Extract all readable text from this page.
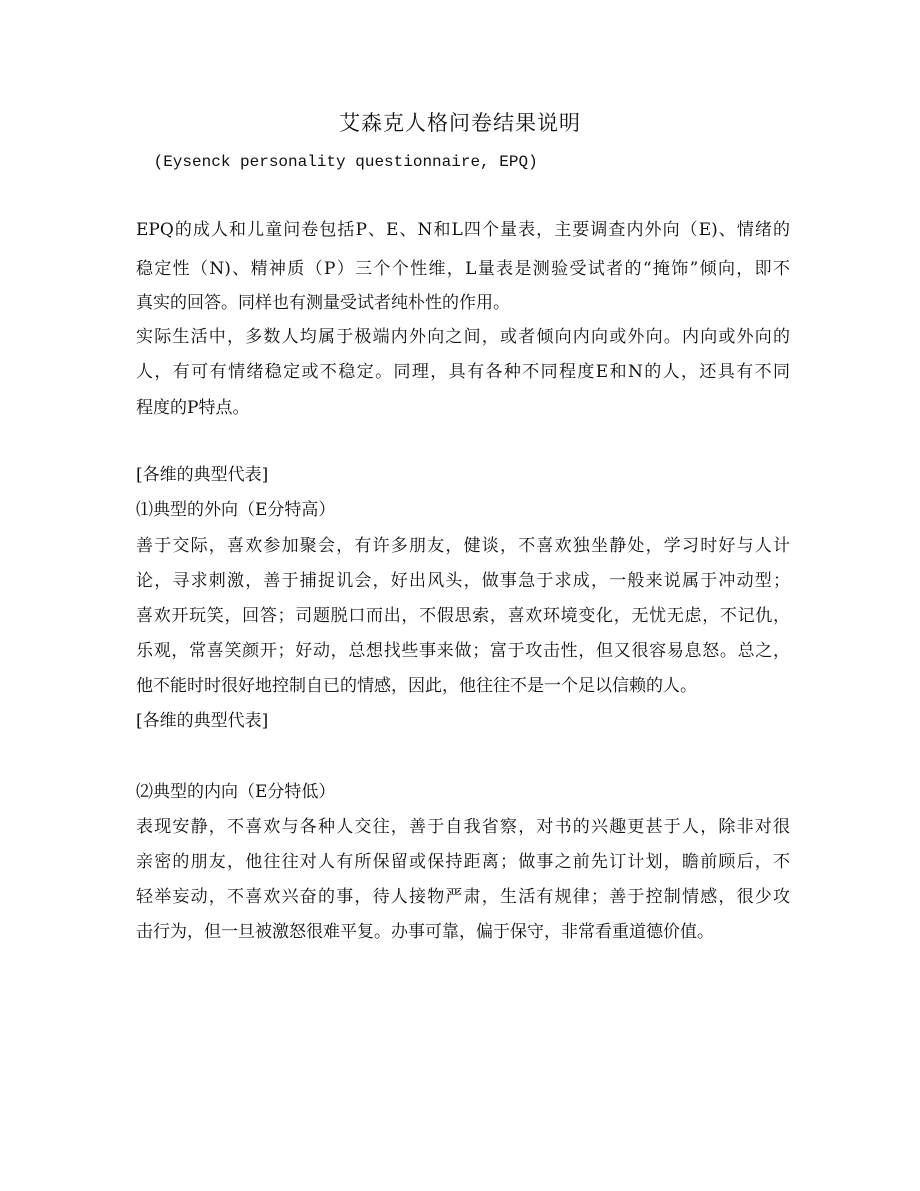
艾森克人格问卷结果说明
(Eysenck personality questionnaire, EPQ)
EPQ的成人和儿童问卷包括P、E、N和L四个量表，主要调查内外向（E)、情绪的
稳定性（N)、精神质（P）三个个性维，L量表是测验受试者的“掩饰”倾向，即不
真实的回答。同样也有测量受试者纯朴性的作用。
实际生活中，多数人均属于极端内外向之间，或者倾向内向或外向。内向或外向的
人，有可有情绪稳定或不稳定。同理，具有各种不同程度E和N的人，还具有不同
程度的P特点。
[各维的典型代表]
⑴典型的外向（E分特高）
善于交际，喜欢参加聚会，有许多朋友，健谈，不喜欢独坐静处，学习时好与人计
论，寻求刺激，善于捕捉讥会，好出风头，做事急于求成，一般来说属于冲动型；
喜欢开玩笑，回答；司题脱口而出，不假思索，喜欢环境变化，无忧无虑，不记仇，
乐观，常喜笑颜开；好动，总想找些事来做；富于攻击性，但又很容易息怒。总之，
他不能时时很好地控制自已的情感，因此，他往往不是一个足以信赖的人。
[各维的典型代表]
⑵典型的内向（E分特低）
表现安静，不喜欢与各种人交往，善于自我省察，对书的兴趣更甚于人，除非对很
亲密的朋友，他往往对人有所保留或保持距离；做事之前先订计划，瞻前顾后，不
轻举妄动，不喜欢兴奋的事，待人接物严肃，生活有规律；善于控制情感，很少攻
击行为，但一旦被激怒很难平复。办事可靠，偏于保守，非常看重道德价值。
